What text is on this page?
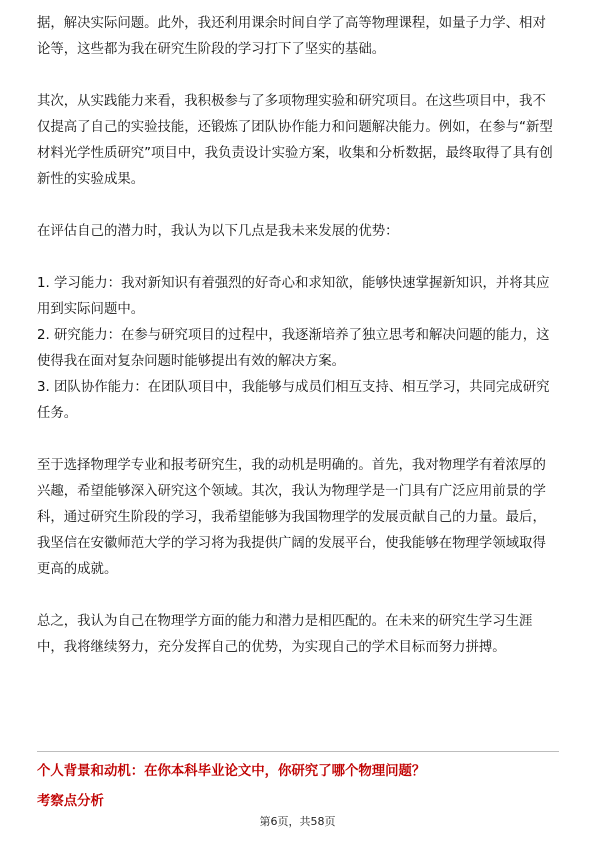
据，解决实际问题。此外，我还利用课余时间自学了高等物理课程，如量子力学、相对论等，这些都为我在研究生阶段的学习打下了坚实的基础。

其次，从实践能力来看，我积极参与了多项物理实验和研究项目。在这些项目中，我不仅提高了自己的实验技能，还锻炼了团队协作能力和问题解决能力。例如，在参与“新型材料光学性质研究”项目中，我负责设计实验方案，收集和分析数据，最终取得了具有创新性的实验成果。

在评估自己的潜力时，我认为以下几点是我未来发展的优势：

1. 学习能力：我对新知识有着强烈的好奇心和求知欲，能够快速掌握新知识，并将其应用到实际问题中。

2. 研究能力：在参与研究项目的过程中，我逐渐培养了独立思考和解决问题的能力，这使得我在面对复杂问题时能够提出有效的解决方案。

3. 团队协作能力：在团队项目中，我能够与成员们相互支持、相互学习，共同完成研究任务。

至于选择物理学专业和报考研究生，我的动机是明确的。首先，我对物理学有着浓厚的兴趣，希望能够深入研究这个领域。其次，我认为物理学是一门具有广泛应用前景的学科，通过研究生阶段的学习，我希望能够为我国物理学的发展贡献自己的力量。最后，我坚信在安徽师范大学的学习将为我提供广阔的发展平台，使我能够在物理学领域取得更高的成就。

总之，我认为自己在物理学方面的能力和潜力是相匹配的。在未来的研究生学习生涯中，我将继续努力，充分发挥自己的优势，为实现自己的学术目标而努力拼搏。

个人背景和动机：在你本科毕业论文中，你研究了哪个物理问题？

考察点分析

第6页，共58页
